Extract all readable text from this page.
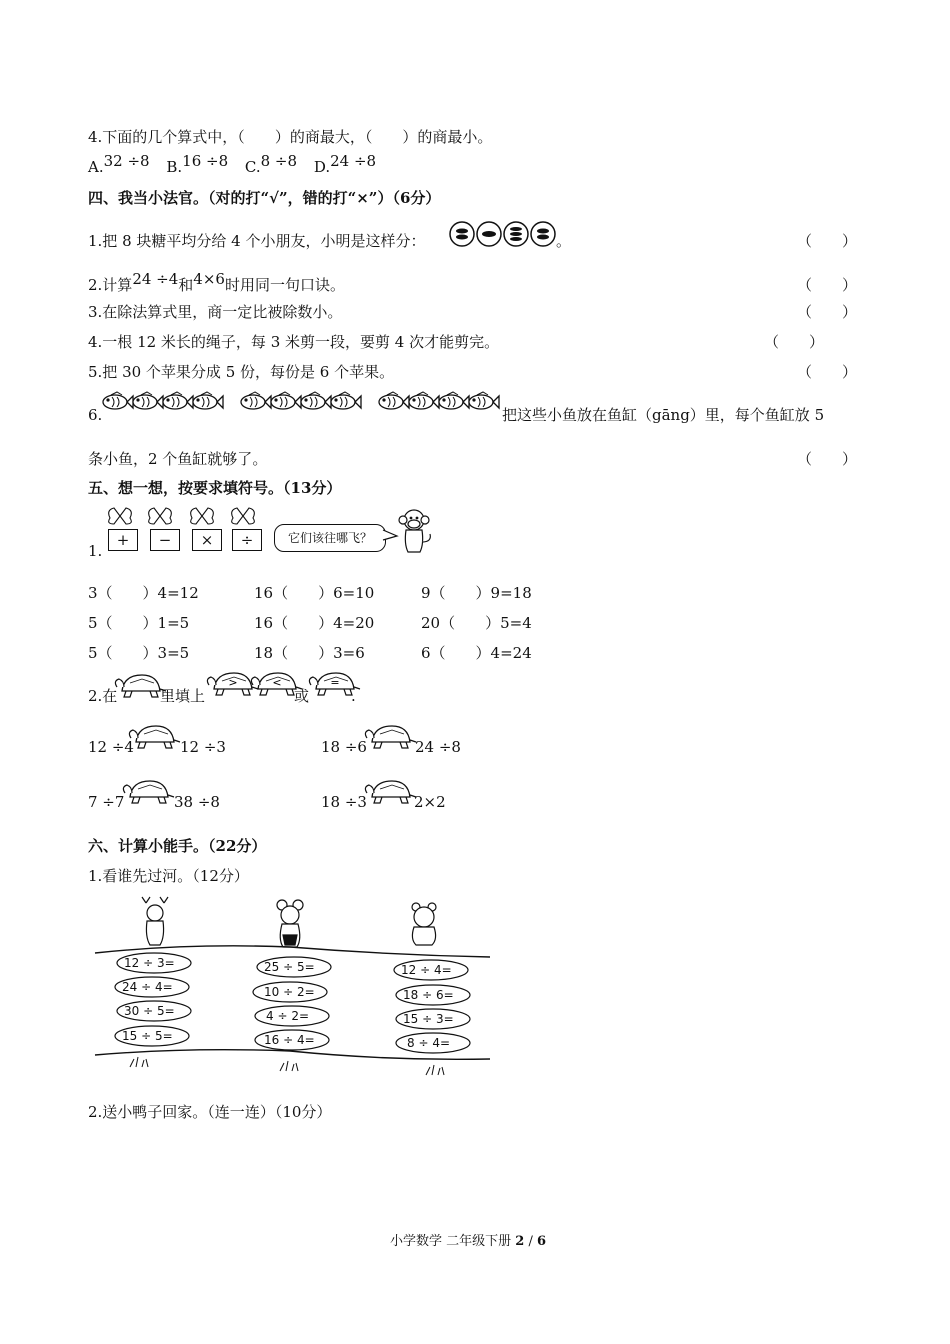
4.下面的几个算式中，（　　）的商最大，（　　）的商最小。
A.32 ÷8 B.16 ÷8 C.8 ÷8 D.24 ÷8
四、我当小法官。（对的打“√”，错的打“×”）（6分）
1.把 8 块糖平均分给 4 个小朋友，小明是这样分：	。	（　　）
2.计算24 ÷4和4×6时用同一句口诀。	（　　）
3.在除法算式里，商一定比被除数小。	（　　）
4.一根 12 米长的绳子，每 3 米剪一段，要剪 4 次才能剪完。	（　　）
5.把 30 个苹果分成 5 份，每份是 6 个苹果。	（　　）
6.	把这些小鱼放在鱼缸（gāng）里，每个鱼缸放 5
条小鱼，2 个鱼缸就够了。	（　　）
五、想一想，按要求填符号。（13分）
1.
+	−	×	÷	它们该往哪飞？
3（　　）4=12	16（　　）6=10	9（　　）9=18
5（　　）1=5	16（　　）4=20	20（　　）5=4
5（　　）3=5	18（　　）3=6	6（　　）4=24
2.在	里填上
>	<
或
=
.
12 ÷4	12 ÷3	18 ÷6	24 ÷8
7 ÷7	38 ÷8	18 ÷3	2×2
六、计算小能手。（22分）
1.看谁先过河。（12分）
12 ÷ 3=
24 ÷ 4=
30 ÷ 5=
15 ÷ 5=
25 ÷ 5=
10 ÷ 2=
4 ÷ 2=
16 ÷ 4=
12 ÷ 4=
18 ÷ 6=
15 ÷ 3=
8 ÷ 4=
2.送小鸭子回家。（连一连）（10分）
小学数学 二年级下册 2 / 6
